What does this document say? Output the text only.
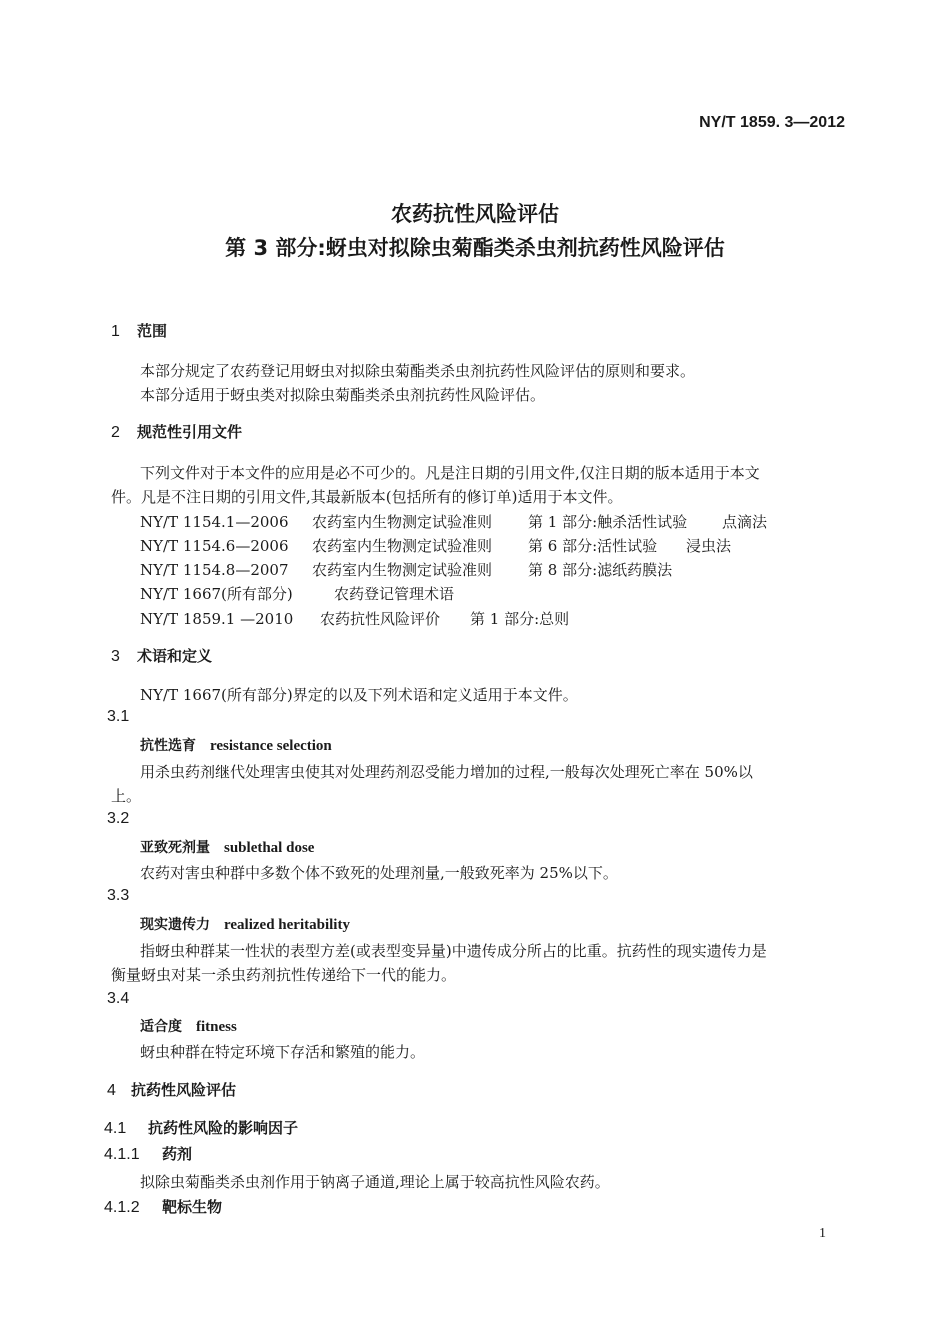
NY/T 1859. 3—2012
农药抗性风险评估
第 3 部分:蚜虫对拟除虫菊酯类杀虫剂抗药性风险评估
1 范围
本部分规定了农药登记用蚜虫对拟除虫菊酯类杀虫剂抗药性风险评估的原则和要求。
本部分适用于蚜虫类对拟除虫菊酯类杀虫剂抗药性风险评估。
2 规范性引用文件
下列文件对于本文件的应用是必不可少的。凡是注日期的引用文件,仅注日期的版本适用于本文
件。凡是不注日期的引用文件,其最新版本(包括所有的修订单)适用于本文件。
NY/T 1154.1—2006 农药室内生物测定试验准则 第 1 部分:触杀活性试验 点滴法
NY/T 1154.6—2006 农药室内生物测定试验准则 第 6 部分:活性试验 浸虫法
NY/T 1154.8—2007 农药室内生物测定试验准则 第 8 部分:滤纸药膜法
NY/T 1667(所有部分)	农药登记管理术语
NY/T 1859.1 —2010 农药抗性风险评价 第 1 部分:总则
3 术语和定义
NY/T 1667(所有部分)界定的以及下列术语和定义适用于本文件。
3.1
抗性选育 resistance selection
用杀虫药剂继代处理害虫使其对处理药剂忍受能力增加的过程,一般每次处理死亡率在 50%以
上。
3.2
亚致死剂量 sublethal dose
农药对害虫种群中多数个体不致死的处理剂量,一般致死率为 25%以下。
3.3
现实遗传力 realized heritability
指蚜虫种群某一性状的表型方差(或表型变异量)中遗传成分所占的比重。抗药性的现实遗传力是
衡量蚜虫对某一杀虫药剂抗性传递给下一代的能力。
3.4
适合度 fitness
蚜虫种群在特定环境下存活和繁殖的能力。
4 抗药性风险评估
4.1 抗药性风险的影响因子
4.1.1 药剂
拟除虫菊酯类杀虫剂作用于钠离子通道,理论上属于较高抗性风险农药。
4.1.2 靶标生物
1
